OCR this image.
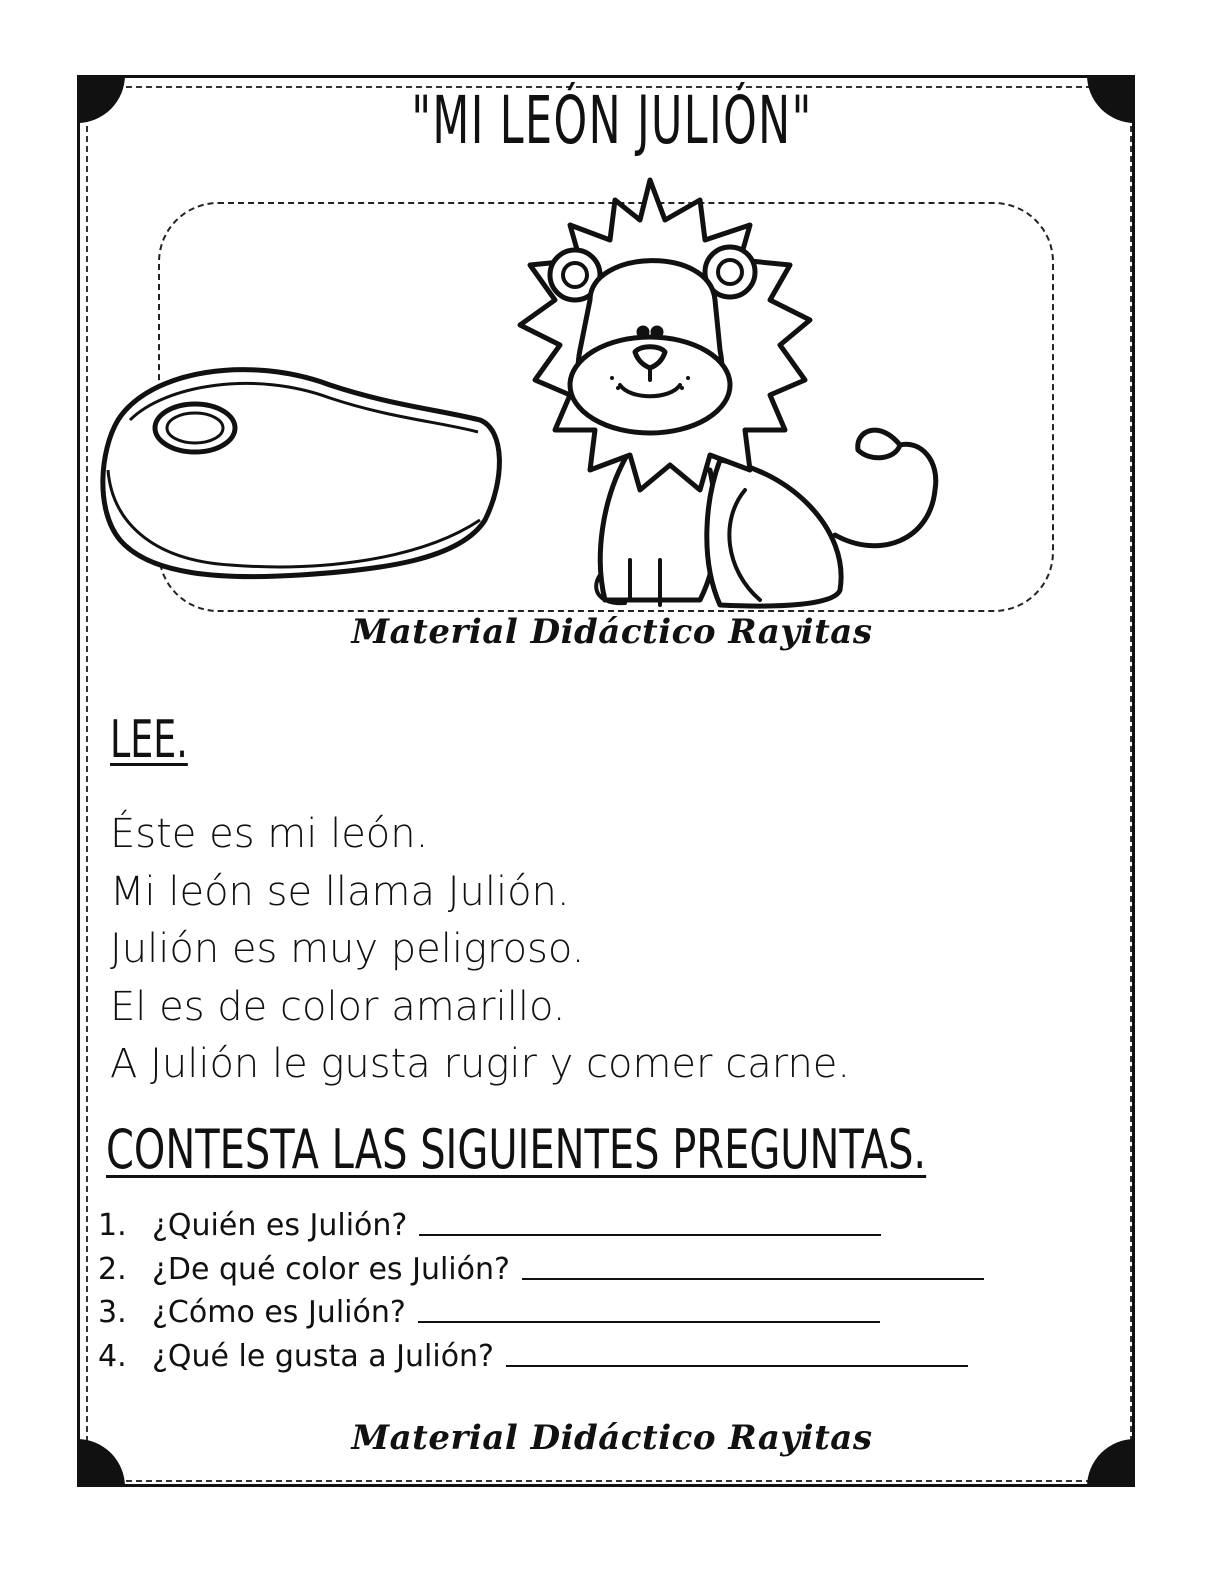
"MI LEÓN JULIÓN"
Material Didáctico Rayitas
LEE.
Éste es mi león.
Mi león se llama Julión.
Julión es muy peligroso.
El es de color amarillo.
A Julión le gusta rugir y comer carne.
CONTESTA LAS SIGUIENTES PREGUNTAS.
1. ¿Quién es Julión?
2. ¿De qué color es Julión?
3. ¿Cómo es Julión?
4. ¿Qué le gusta a Julión?
Material Didáctico Rayitas
